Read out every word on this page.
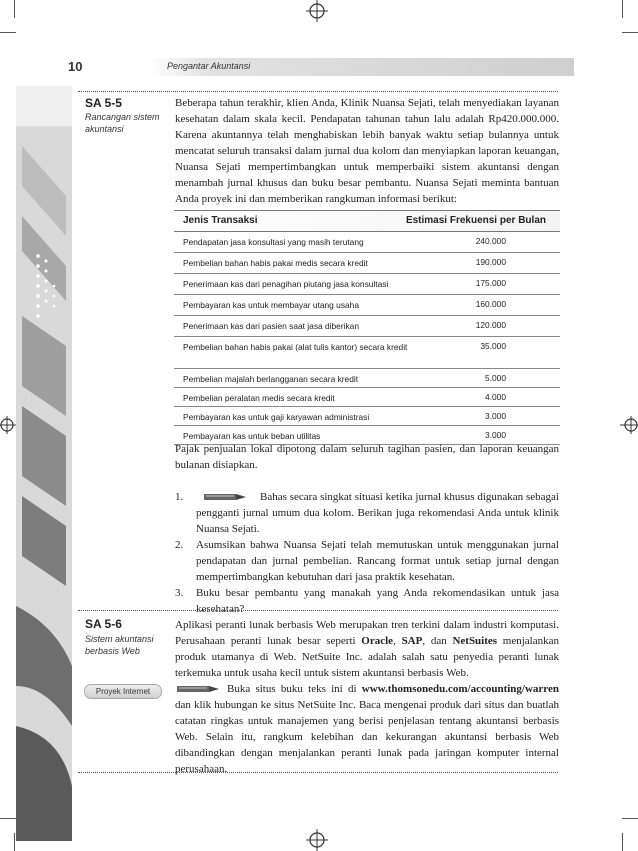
10	Pengantar Akuntansi
SA 5-5
Rancangan sistem akuntansi
Beberapa tahun terakhir, klien Anda, Klinik Nuansa Sejati, telah menyediakan layanan kesehatan dalam skala kecil. Pendapatan tahunan tahun lalu adalah Rp420.000.000. Karena akuntannya telah menghabiskan lebih banyak waktu setiap bulannya untuk mencatat seluruh transaksi dalam jurnal dua kolom dan menyiapkan laporan keuangan, Nuansa Sejati mempertimbangkan untuk memperbaiki sistem akuntansi dengan menambah jurnal khusus dan buku besar pembantu. Nuansa Sejati meminta bantuan Anda proyek ini dan memberikan rangkuman informasi berikut:
Jenis Transaksi	Estimasi Frekuensi per Bulan
Pendapatan jasa konsultasi yang masih terutang	240.000
Pembelian bahan habis pakai medis secara kredit	190.000
Penerimaan kas dari penagihan piutang jasa konsultasi	175.000
Pembayaran kas untuk membayar utang usaha	160.000
Penerimaan kas dari pasien saat jasa diberikan	120.000
Pembelian bahan habis pakai (alat tulis kantor) secara kredit	35.000
Pembelian majalah berlangganan secara kredit	5.000
Pembelian peralatan medis secara kredit	4.000
Pembayaran kas untuk gaji karyawan administrasi	3.000
Pembayaran kas untuk beban utilitas	3.000
Pajak penjualan lokal dipotong dalam seluruh tagihan pasien, dan laporan keuangan bulanan disiapkan.
1.	Bahas secara singkat situasi ketika jurnal khusus digunakan sebagai pengganti jurnal umum dua kolom. Berikan juga rekomendasi Anda untuk klinik Nuansa Sejati.
2. Asumsikan bahwa Nuansa Sejati telah memutuskan untuk menggunakan jurnal pendapatan dan jurnal pembelian. Rancang format untuk setiap jurnal dengan mempertimbangkan kebutuhan dari jasa praktik kesehatan.
3. Buku besar pembantu yang manakah yang Anda rekomendasikan untuk jasa kesehatan?
SA 5-6
Sistem akuntansi berbasis Web
Proyek Internet
Aplikasi peranti lunak berbasis Web merupakan tren terkini dalam industri komputasi. Perusahaan peranti lunak besar seperti Oracle, SAP, dan NetSuites menjalankan produk utamanya di Web. NetSuite Inc. adalah salah satu penyedia peranti lunak terkemuka untuk usaha kecil untuk sistem akuntansi berbasis Web.
Buka situs buku teks ini di www.thomsonedu.com/accounting/warren dan klik hubungan ke situs NetSuite Inc. Baca mengenai produk dari situs dan buatlah catatan ringkas untuk manajemen yang berisi penjelasan tentang akuntansi berbasis Web. Selain itu, rangkum kelebihan dan kekurangan akuntansi berbasis Web dibandingkan dengan menjalankan peranti lunak pada jaringan komputer internal perusahaan.
